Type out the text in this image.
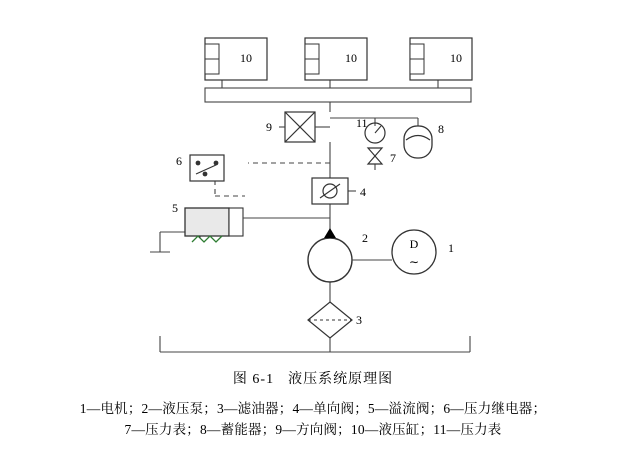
D
∼
10	10	10
9	11
7
8
4
6
5
2
1
3
图 6-1 液压系统原理图
1—电机；2—液压泵；3—滤油器；4—单向阀；5—溢流阀；6—压力继电器；
7—压力表；8—蓄能器；9—方向阀；10—液压缸；11—压力表
